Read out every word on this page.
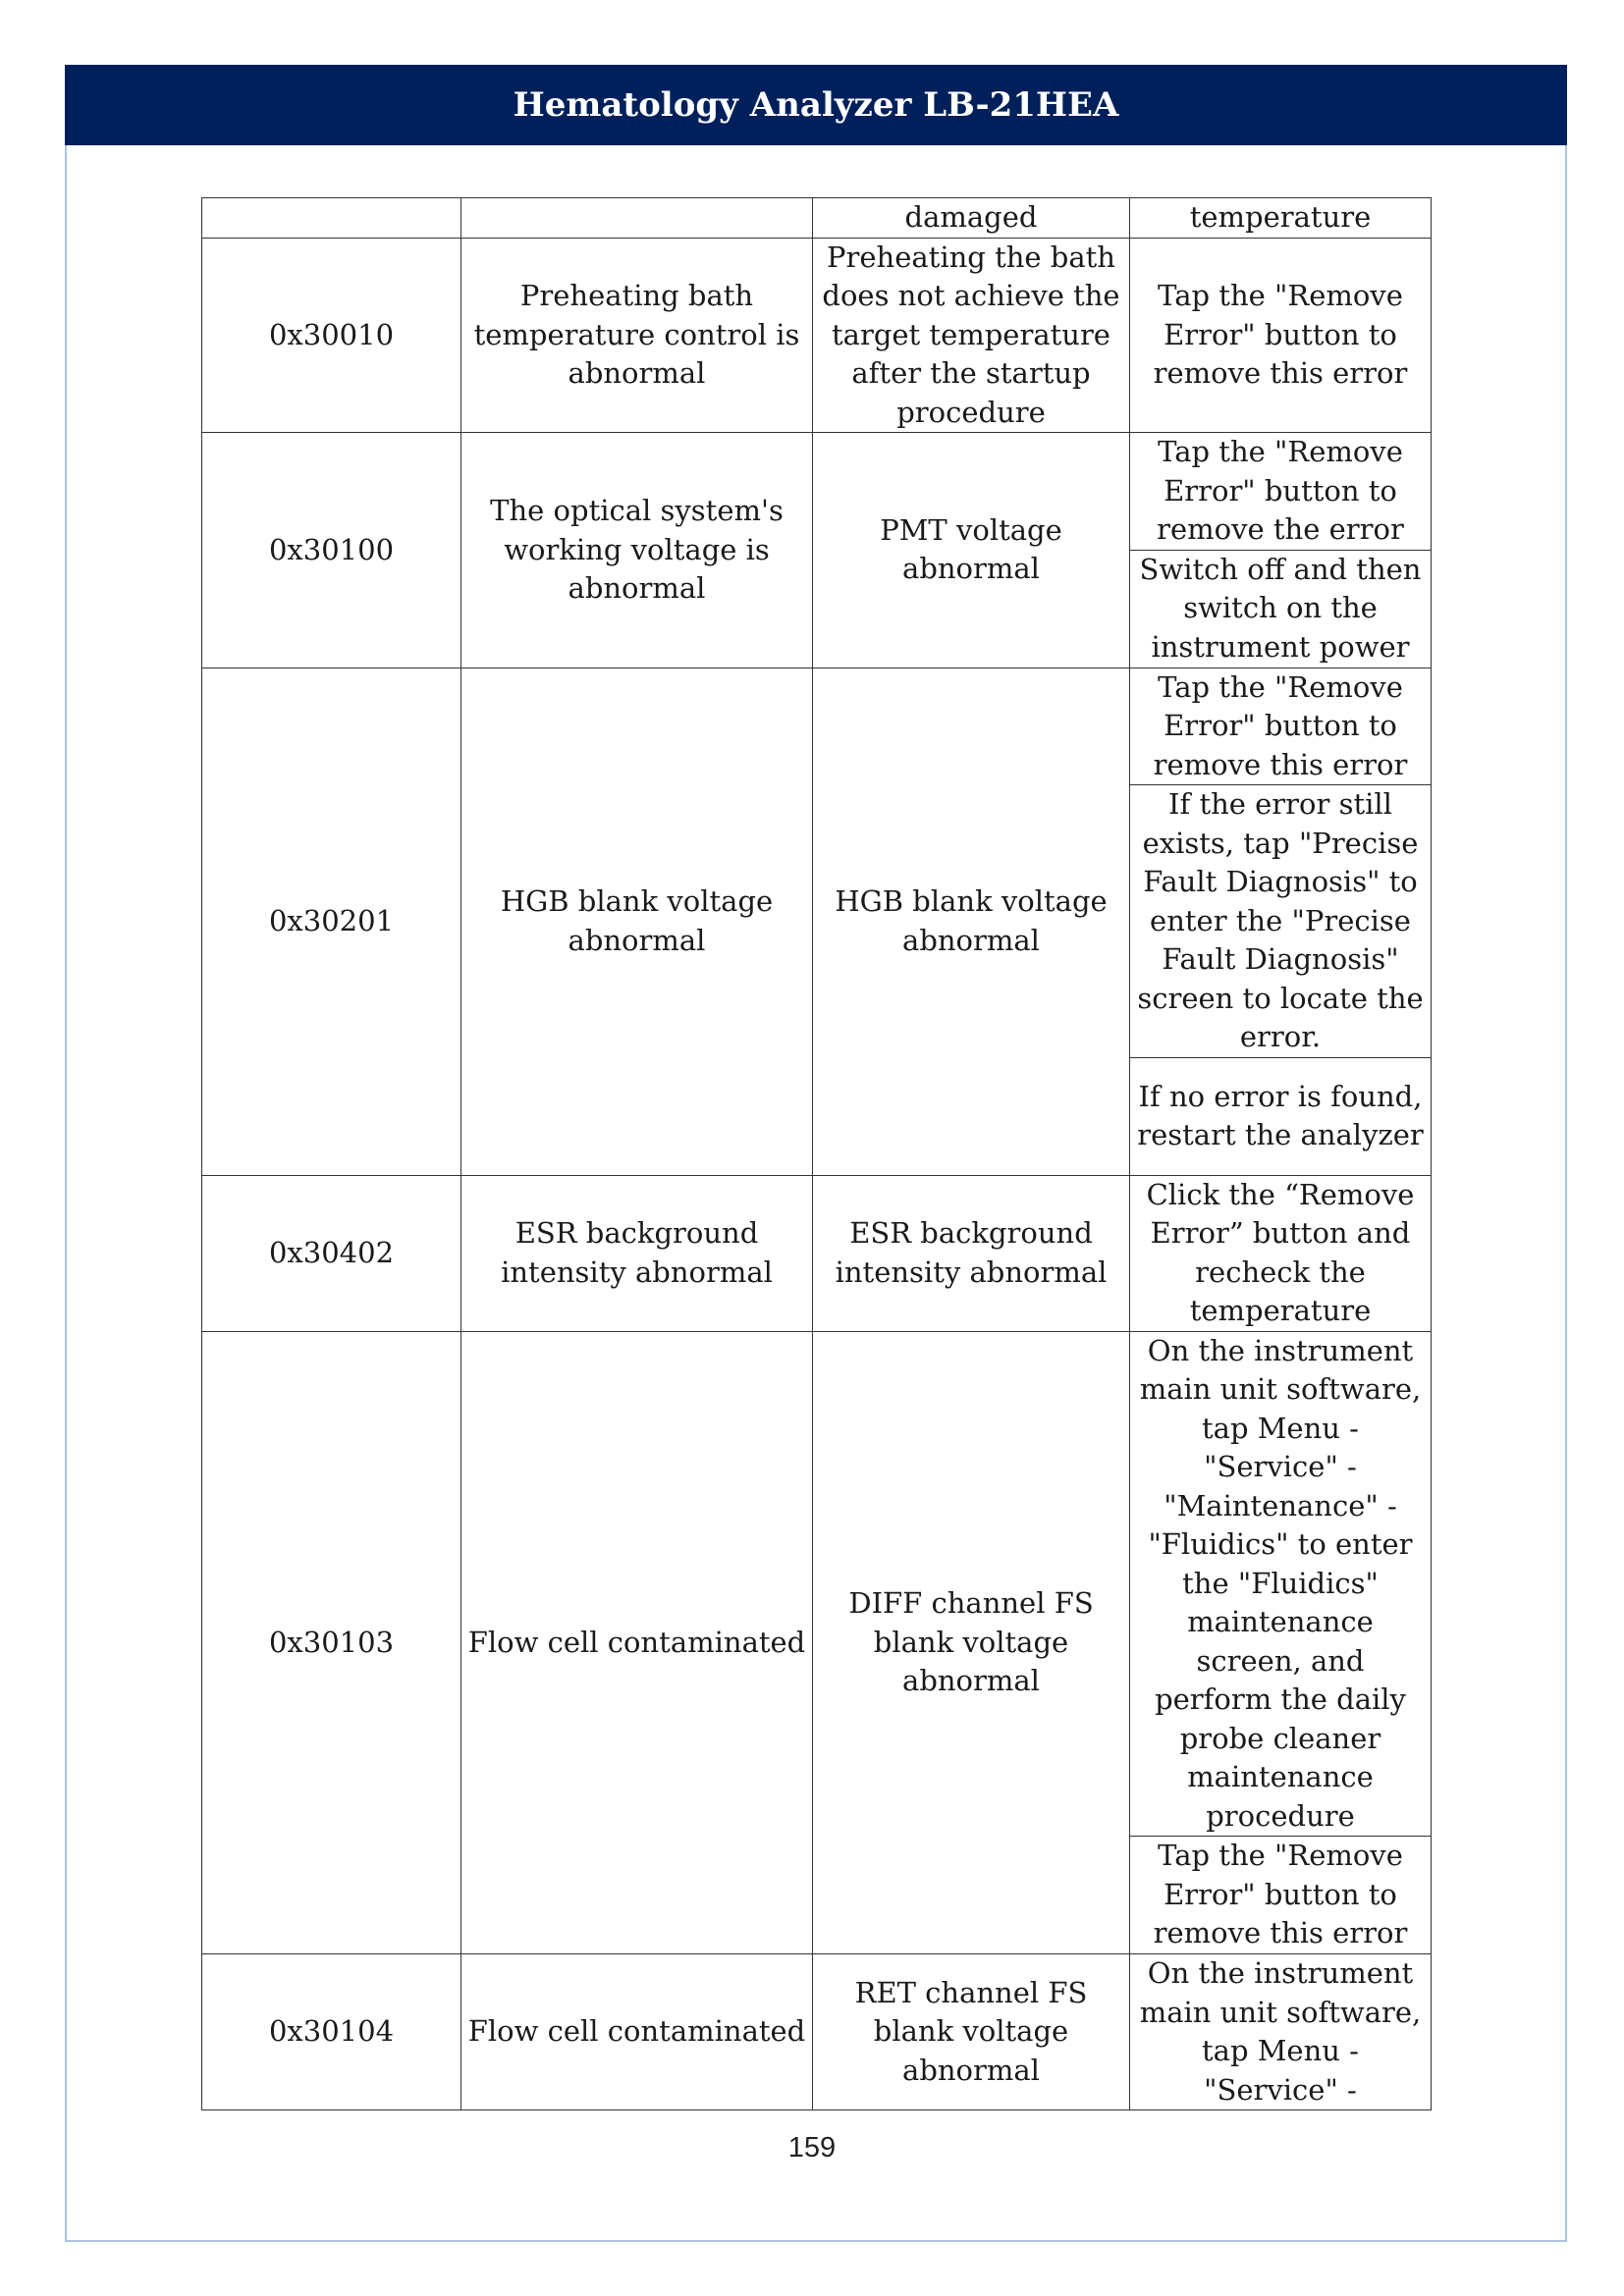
Hematology Analyzer LB-21HEA
		damaged	temperature
0x30010	Preheating bath temperature control is abnormal	Preheating the bath does not achieve the target temperature after the startup procedure	Tap the "Remove Error" button to remove this error
0x30100	The optical system's working voltage is abnormal	PMT voltage abnormal	Tap the "Remove Error" button to remove the error
			Switch off and then switch on the instrument power
0x30201	HGB blank voltage abnormal	HGB blank voltage abnormal	Tap the "Remove Error" button to remove this error
			If the error still exists, tap "Precise Fault Diagnosis" to enter the "Precise Fault Diagnosis" screen to locate the error.
			If no error is found, restart the analyzer
0x30402	ESR background intensity abnormal	ESR background intensity abnormal	Click the “Remove Error” button and recheck the temperature
0x30103	Flow cell contaminated	DIFF channel FS blank voltage abnormal	On the instrument main unit software, tap Menu - "Service" - "Maintenance" - "Fluidics" to enter the "Fluidics" maintenance screen, and perform the daily probe cleaner maintenance procedure
			Tap the "Remove Error" button to remove this error
0x30104	Flow cell contaminated	RET channel FS blank voltage abnormal	On the instrument main unit software, tap Menu - "Service" -
159
